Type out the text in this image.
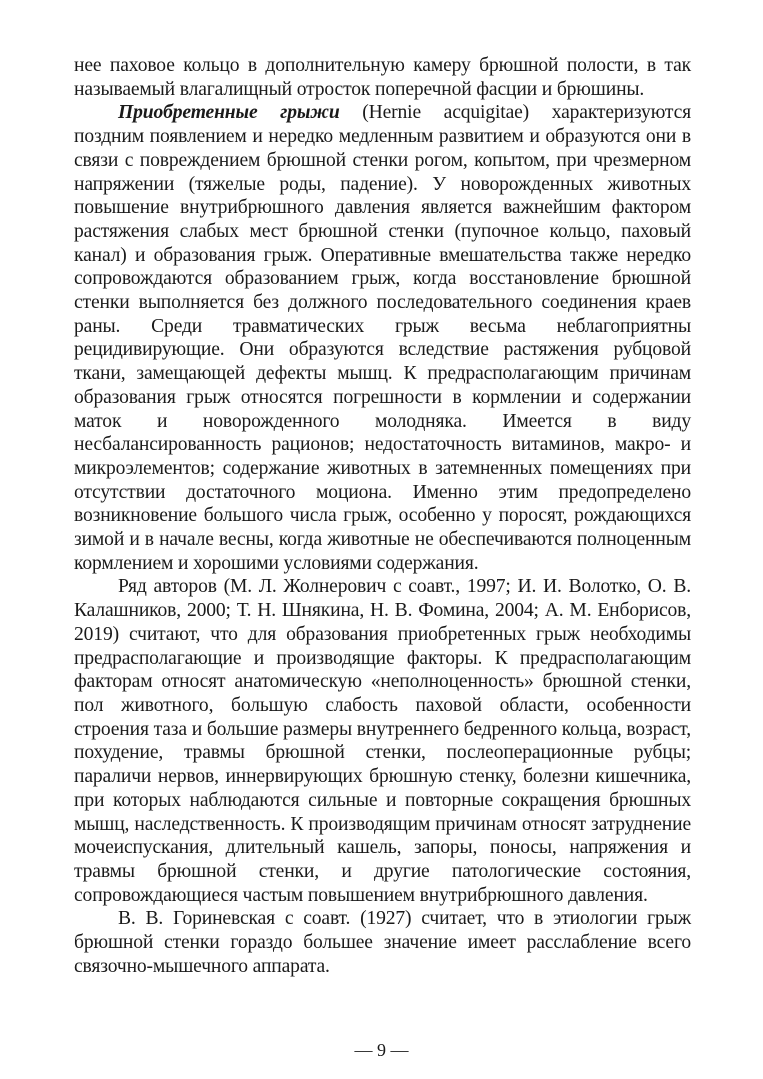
нее паховое кольцо в дополнительную камеру брюшной полости, в так называемый влагалищный отросток поперечной фасции и брюшины.

Приобретенные грыжи (Hernie acquigitae) характеризуются поздним появлением и нередко медленным развитием и образуются они в связи с повреждением брюшной стенки рогом, копытом, при чрезмерном напряжении (тяжелые роды, падение). У новорожденных животных повышение внутрибрюшного давления является важнейшим фактором растяжения слабых мест брюшной стенки (пупочное кольцо, паховый канал) и образования грыж. Оперативные вмешательства также нередко сопровождаются образованием грыж, когда восстановление брюшной стенки выполняется без должного последовательного соединения краев раны. Среди травматических грыж весьма неблагоприятны рецидивирующие. Они образуются вследствие растяжения рубцовой ткани, замещающей дефекты мышц. К предрасполагающим причинам образования грыж относятся погрешности в кормлении и содержании маток и новорожденного молодняка. Имеется в виду несбалансированность рационов; недостаточность витаминов, макро- и микроэлементов; содержание животных в затемненных помещениях при отсутствии достаточного моциона. Именно этим предопределено возникновение большого числа грыж, особенно у поросят, рождающихся зимой и в начале весны, когда животные не обеспечиваются полноценным кормлением и хорошими условиями содержания.

Ряд авторов (М. Л. Жолнерович с соавт., 1997; И. И. Волотко, О. В. Калашников, 2000; Т. Н. Шнякина, Н. В. Фомина, 2004; А. М. Енборисов, 2019) считают, что для образования приобретенных грыж необходимы предрасполагающие и производящие факторы. К предрасполагающим факторам относят анатомическую «неполноценность» брюшной стенки, пол животного, большую слабость паховой области, особенности строения таза и большие размеры внутреннего бедренного кольца, возраст, похудение, травмы брюшной стенки, послеоперационные рубцы; параличи нервов, иннервирующих брюшную стенку, болезни кишечника, при которых наблюдаются сильные и повторные сокращения брюшных мышц, наследственность. К производящим причинам относят затруднение мочеиспускания, длительный кашель, запоры, поносы, напряжения и травмы брюшной стенки, и другие патологические состояния, сопровождающиеся частым повышением внутрибрюшного давления.

В. В. Гориневская с соавт. (1927) считает, что в этиологии грыж брюшной стенки гораздо большее значение имеет расслабление всего связочно-мышечного аппарата.

— 9 —
